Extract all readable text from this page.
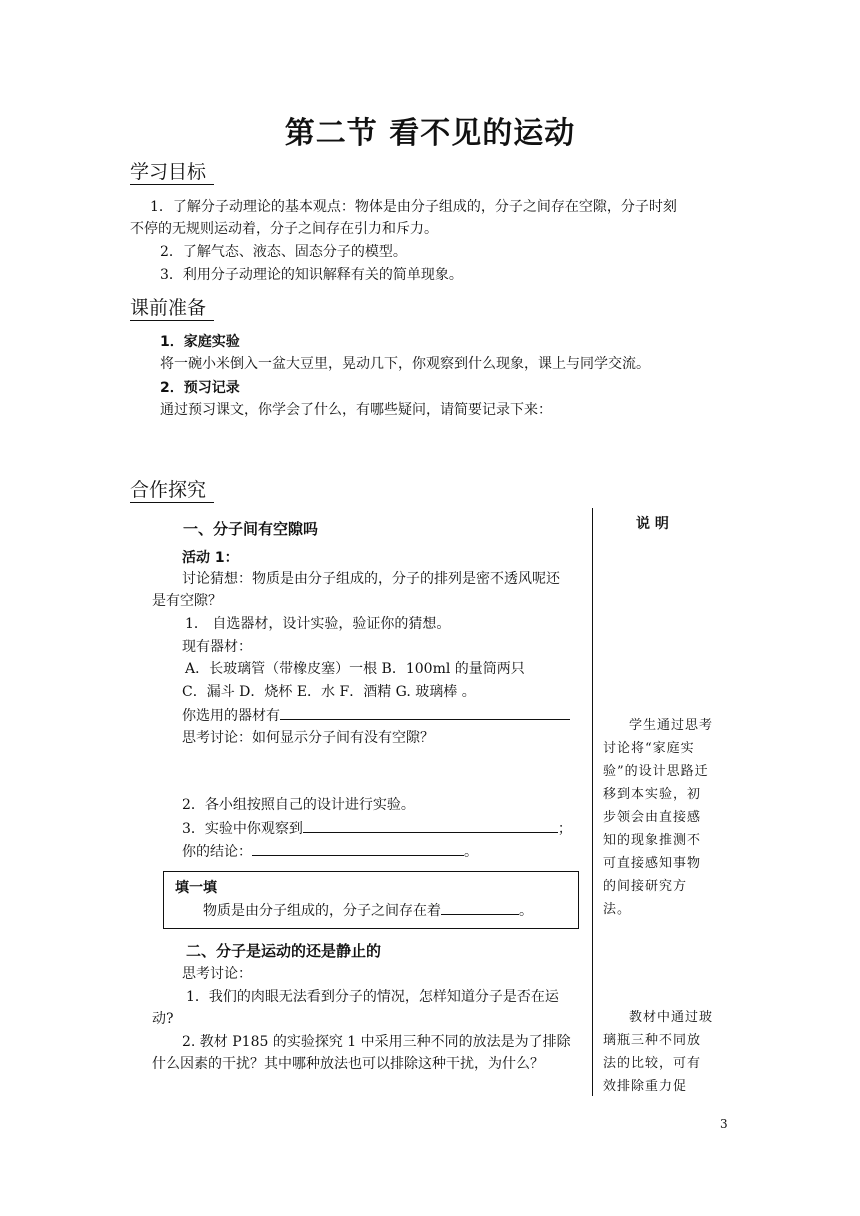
第二节 看不见的运动
学习目标
1．了解分子动理论的基本观点：物体是由分子组成的，分子之间存在空隙，分子时刻
不停的无规则运动着，分子之间存在引力和斥力。
2．了解气态、液态、固态分子的模型。
3．利用分子动理论的知识解释有关的简单现象。
课前准备
1．家庭实验
将一碗小米倒入一盆大豆里，晃动几下，你观察到什么现象，课上与同学交流。
2．预习记录
通过预习课文，你学会了什么，有哪些疑问，请简要记录下来：
合作探究
说 明
一、分子间有空隙吗
活动 1：
讨论猜想：物质是由分子组成的，分子的排列是密不透风呢还
是有空隙？
1． 自选器材，设计实验，验证你的猜想。
现有器材：
A．长玻璃管（带橡皮塞）一根 B．100ml 的量筒两只
C．漏斗 D．烧杯 E．水 F．酒精 G. 玻璃棒 。
你选用的器材有
思考讨论：如何显示分子间有没有空隙？
2．各小组按照自己的设计进行实验。
3．实验中你观察到	；
你的结论：	。
填一填
物质是由分子组成的，分子之间存在着	。
二、分子是运动的还是静止的
思考讨论：
1．我们的肉眼无法看到分子的情况，怎样知道分子是否在运
动?
2. 教材 P185 的实验探究 1 中采用三种不同的放法是为了排除
什么因素的干扰？其中哪种放法也可以排除这种干扰，为什么？
学生通过思考讨论将“家庭实验”的设计思路迁移到本实验，初步领会由直接感知的现象推测不可直接感知事物的间接研究方法。
教材中通过玻璃瓶三种不同放法的比较，可有效排除重力促
3
